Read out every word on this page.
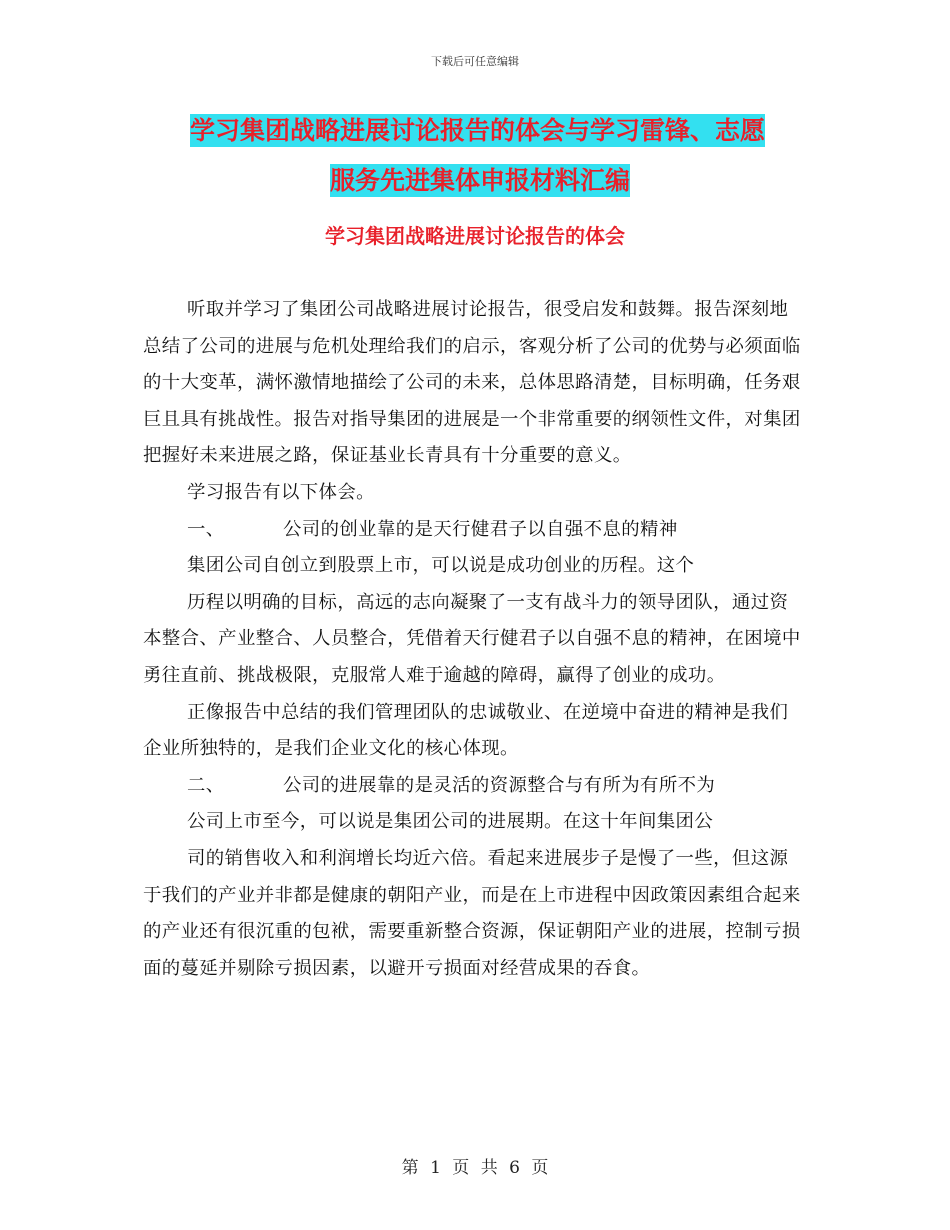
下载后可任意编辑
学习集团战略进展讨论报告的体会与学习雷锋、志愿

服务先进集体申报材料汇编
学习集团战略进展讨论报告的体会

听取并学习了集团公司战略进展讨论报告，很受启发和鼓舞。报告深刻地总结了公司的进展与危机处理给我们的启示，客观分析了公司的优势与必须面临的十大变革，满怀激情地描绘了公司的未来，总体思路清楚，目标明确，任务艰巨且具有挑战性。报告对指导集团的进展是一个非常重要的纲领性文件，对集团把握好未来进展之路，保证基业长青具有十分重要的意义。

学习报告有以下体会。

一、	公司的创业靠的是天行健君子以自强不息的精神

集团公司自创立到股票上市，可以说是成功创业的历程。这个

历程以明确的目标，高远的志向凝聚了一支有战斗力的领导团队，通过资本整合、产业整合、人员整合，凭借着天行健君子以自强不息的精神，在困境中勇往直前、挑战极限，克服常人难于逾越的障碍，赢得了创业的成功。

正像报告中总结的我们管理团队的忠诚敬业、在逆境中奋进的精神是我们企业所独特的，是我们企业文化的核心体现。

二、	公司的进展靠的是灵活的资源整合与有所为有所不为

公司上市至今，可以说是集团公司的进展期。在这十年间集团公

司的销售收入和利润增长均近六倍。看起来进展步子是慢了一些，但这源于我们的产业并非都是健康的朝阳产业，而是在上市进程中因政策因素组合起来的产业还有很沉重的包袱，需要重新整合资源，保证朝阳产业的进展，控制亏损面的蔓延并剔除亏损因素，以避开亏损面对经营成果的吞食。

第 1 页 共 6 页
